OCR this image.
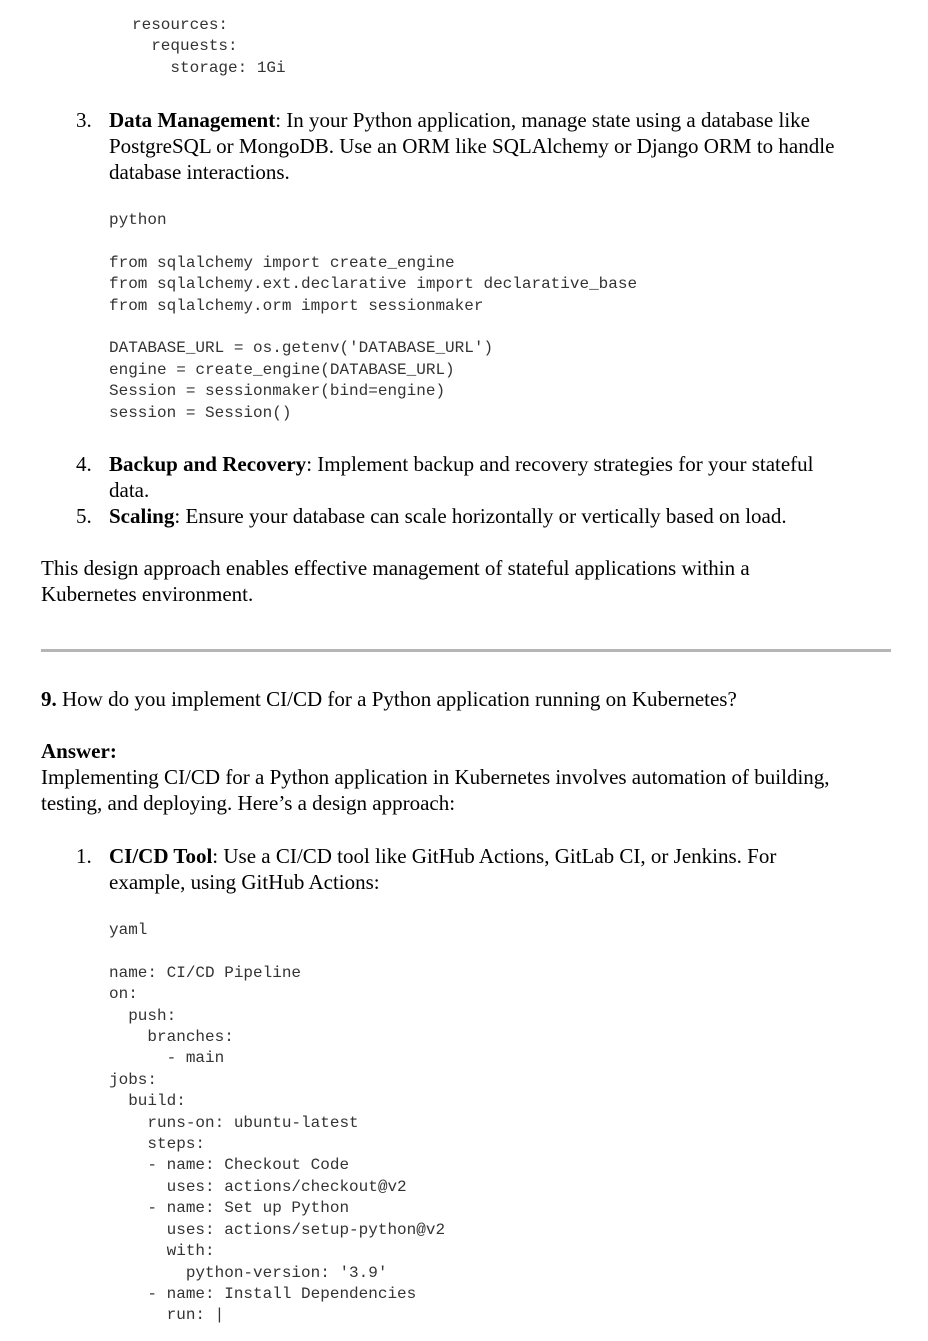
resources:
requests:
storage: 1Gi
3. Data Management: In your Python application, manage state using a database like
PostgreSQL or MongoDB. Use an ORM like SQLAlchemy or Django ORM to handle
database interactions.
python
from sqlalchemy import create_engine
from sqlalchemy.ext.declarative import declarative_base
from sqlalchemy.orm import sessionmaker
DATABASE_URL = os.getenv('DATABASE_URL')
engine = create_engine(DATABASE_URL)
Session = sessionmaker(bind=engine)
session = Session()
4. Backup and Recovery: Implement backup and recovery strategies for your stateful
data.
5. Scaling: Ensure your database can scale horizontally or vertically based on load.
This design approach enables effective management of stateful applications within a
Kubernetes environment.
9. How do you implement CI/CD for a Python application running on Kubernetes?
Answer:
Implementing CI/CD for a Python application in Kubernetes involves automation of building,
testing, and deploying. Here’s a design approach:
1. CI/CD Tool: Use a CI/CD tool like GitHub Actions, GitLab CI, or Jenkins. For
example, using GitHub Actions:
yaml
name: CI/CD Pipeline
on:
push:
branches:
- main
jobs:
build:
runs-on: ubuntu-latest
steps:
- name: Checkout Code
uses: actions/checkout@v2
- name: Set up Python
uses: actions/setup-python@v2
with:
python-version: '3.9'
- name: Install Dependencies
run: |
